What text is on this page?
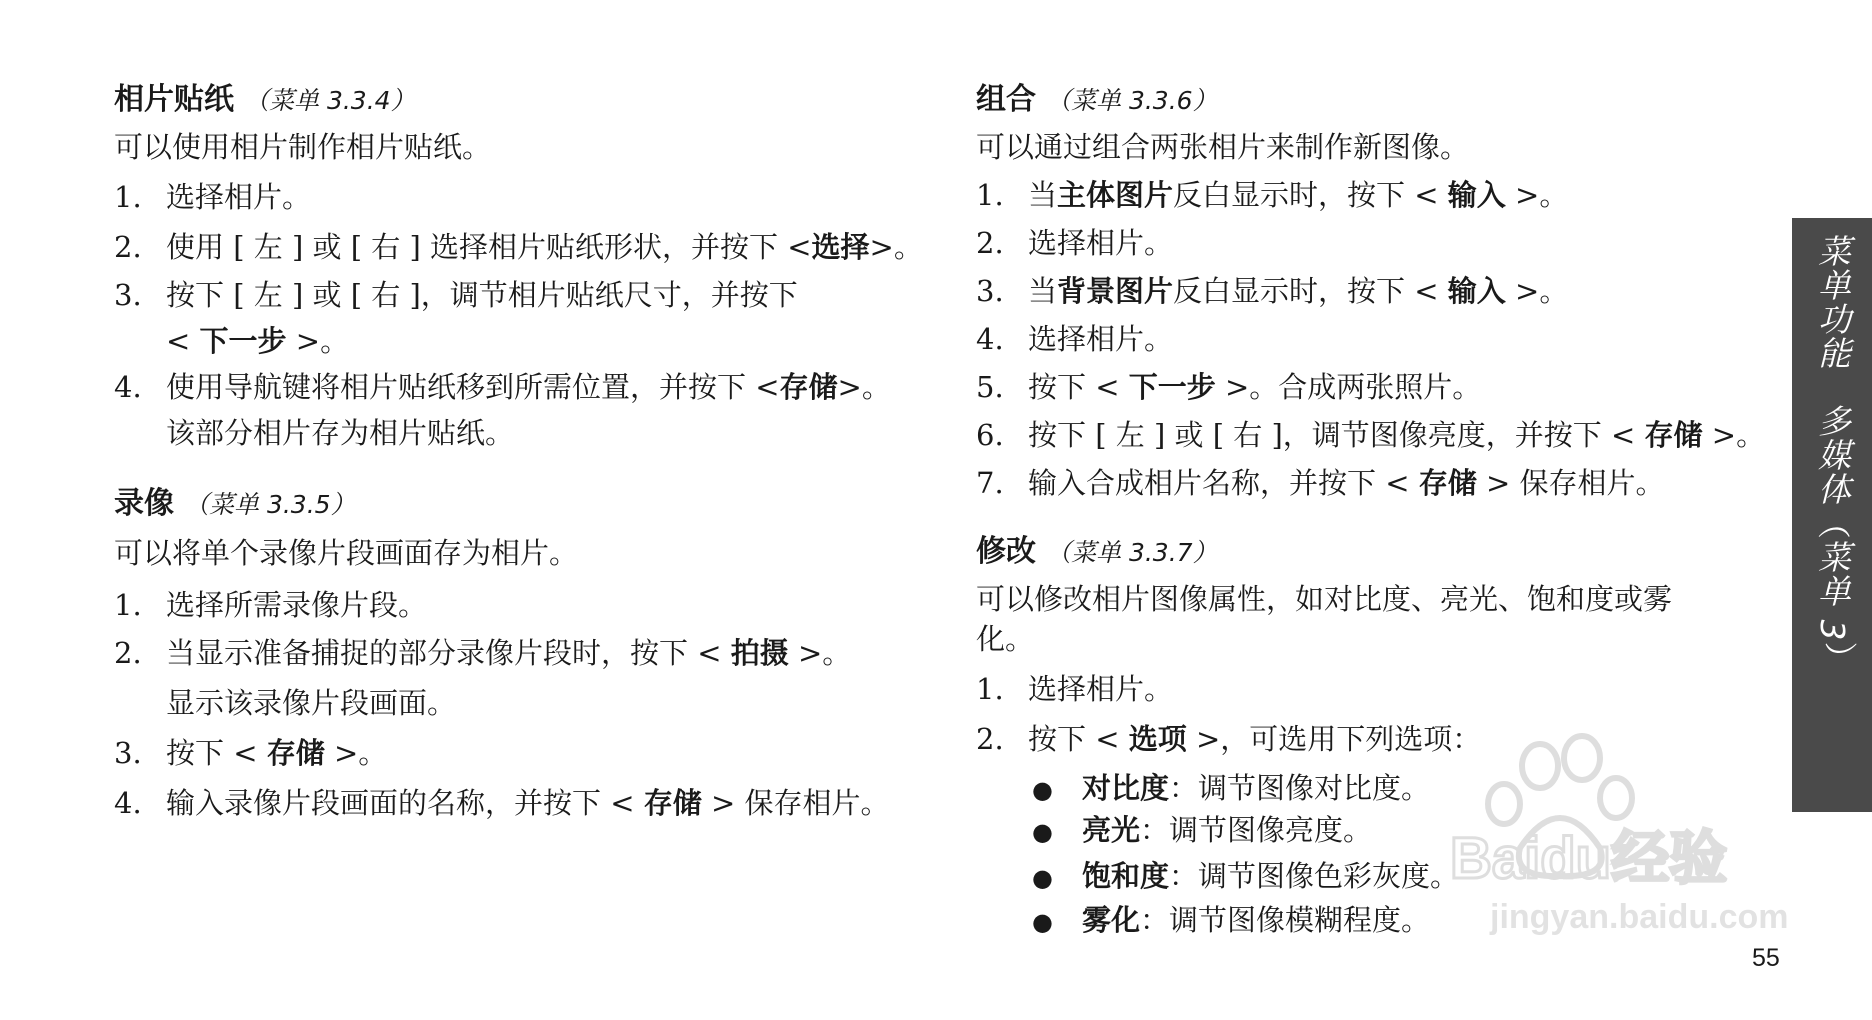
相片贴纸 （菜单 3.3.4）
可以使用相片制作相片贴纸。
1. 选择相片。
2. 使用 [ 左 ] 或 [ 右 ] 选择相片贴纸形状，并按下 <选择>。
3. 按下 [ 左 ] 或 [ 右 ]，调节相片贴纸尺寸，并按下
< 下一步 >。
4. 使用导航键将相片贴纸移到所需位置，并按下 <存储>。
该部分相片存为相片贴纸。
录像 （菜单 3.3.5）
可以将单个录像片段画面存为相片。
1. 选择所需录像片段。
2. 当显示准备捕捉的部分录像片段时，按下 < 拍摄 >。
显示该录像片段画面。
3. 按下 < 存储 >。
4. 输入录像片段画面的名称，并按下 < 存储 > 保存相片。
组合 （菜单 3.3.6）
可以通过组合两张相片来制作新图像。
1. 当主体图片反白显示时，按下 < 输入 >。
2. 选择相片。
3. 当背景图片反白显示时，按下 < 输入 >。
4. 选择相片。
5. 按下 < 下一步 >。合成两张照片。
6. 按下 [ 左 ] 或 [ 右 ]，调节图像亮度，并按下 < 存储 >。
7. 输入合成相片名称，并按下 < 存储 > 保存相片。
修改 （菜单 3.3.7）
可以修改相片图像属性，如对比度、亮光、饱和度或雾
化。
1. 选择相片。
2. 按下 < 选项 >，可选用下列选项：
● 对比度：调节图像对比度。
● 亮光：调节图像亮度。
● 饱和度：调节图像色彩灰度。
● 雾化：调节图像模糊程度。
菜单功能　多媒体（菜单 3）
Baidu经验
jingyan.baidu.com
55
